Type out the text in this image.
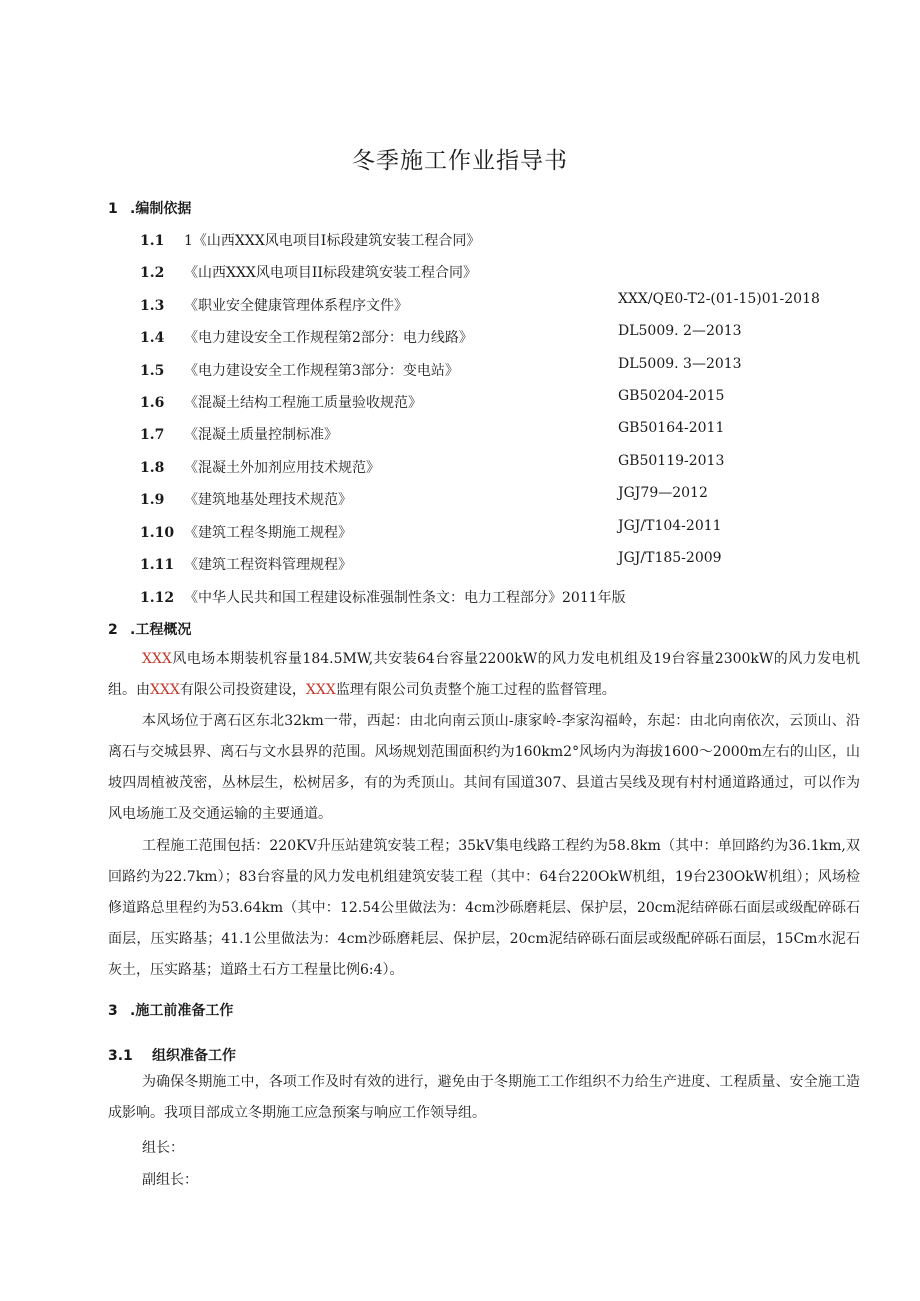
冬季施工作业指导书
1 .编制依据
1.1 1《山西XXX风电项目I标段建筑安装工程合同》
1.2 《山西XXX风电项目II标段建筑安装工程合同》
1.3 《职业安全健康管理体系程序文件》	XXX/QE0-T2-(01-15)01-2018
1.4 《电力建设安全工作规程第2部分：电力线路》	DL5009. 2—2013
1.5 《电力建设安全工作规程第3部分：变电站》	DL5009. 3—2013
1.6 《混凝土结构工程施工质量验收规范》	GB50204-2015
1.7 《混凝土质量控制标准》	GB50164-2011
1.8 《混凝土外加剂应用技术规范》	GB50119-2013
1.9 《建筑地基处理技术规范》	JGJ79—2012
1.10 《建筑工程冬期施工规程》	JGJ/T104-2011
1.11 《建筑工程资料管理规程》	JGJ/T185-2009
1.12 《中华人民共和国工程建设标准强制性条文：电力工程部分》2011年版
2 .工程概况
XXX风电场本期装机容量184.5MW,共安装64台容量2200kW的风力发电机组及19台容量2300kW的风力发电机组。由XXX有限公司投资建设，XXX监理有限公司负责整个施工过程的监督管理。
本风场位于离石区东北32km一带，西起：由北向南云顶山-康家岭-李家沟福岭，东起：由北向南依次，云顶山、沿离石与交城县界、离石与文水县界的范围。风场规划范围面积约为160km2°风场内为海拔1600～2000m左右的山区，山坡四周植被茂密，丛林层生，松树居多，有的为秃顶山。其间有国道307、县道古吴线及现有村村通道路通过，可以作为风电场施工及交通运输的主要通道。
工程施工范围包括：220KV升压站建筑安装工程；35kV集电线路工程约为58.8km（其中：单回路约为36.1km,双回路约为22.7km）；83台容量的风力发电机组建筑安装工程（其中：64台220OkW机组，19台230OkW机组）；风场检修道路总里程约为53.64km（其中：12.54公里做法为：4cm沙砾磨耗层、保护层，20cm泥结碎砾石面层或级配碎砾石面层，压实路基；41.1公里做法为：4cm沙砾磨耗层、保护层，20cm泥结碎砾石面层或级配碎砾石面层，15Cm水泥石灰土，压实路基；道路土石方工程量比例6:4）。
3 .施工前准备工作
3.1 组织准备工作
为确保冬期施工中，各项工作及时有效的进行，避免由于冬期施工工作组织不力给生产进度、工程质量、安全施工造成影响。我项目部成立冬期施工应急预案与响应工作领导组。
组长：
副组长：
